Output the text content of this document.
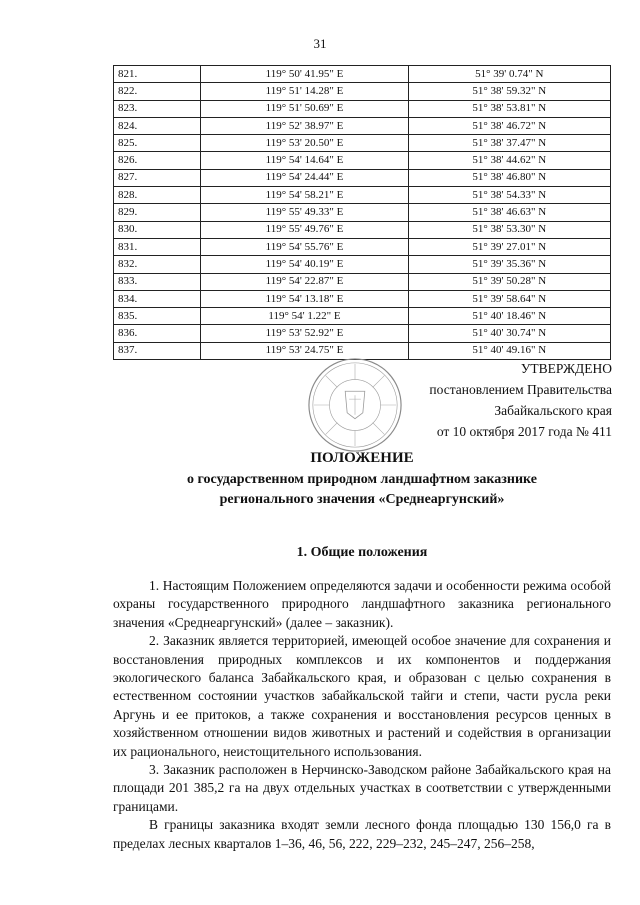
31
821.	119° 50' 41.95" E	51° 39' 0.74" N
822.	119° 51' 14.28" E	51° 38' 59.32" N
823.	119° 51' 50.69" E	51° 38' 53.81" N
824.	119° 52' 38.97" E	51° 38' 46.72" N
825.	119° 53' 20.50" E	51° 38' 37.47" N
826.	119° 54' 14.64" E	51° 38' 44.62" N
827.	119° 54' 24.44" E	51° 38' 46.80" N
828.	119° 54' 58.21" E	51° 38' 54.33" N
829.	119° 55' 49.33" E	51° 38' 46.63" N
830.	119° 55' 49.76" E	51° 38' 53.30" N
831.	119° 54' 55.76" E	51° 39' 27.01" N
832.	119° 54' 40.19" E	51° 39' 35.36" N
833.	119° 54' 22.87" E	51° 39' 50.28" N
834.	119° 54' 13.18" E	51° 39' 58.64" N
835.	119° 54' 1.22" E	51° 40' 18.46" N
836.	119° 53' 52.92" E	51° 40' 30.74" N
837.	119° 53' 24.75" E	51° 40' 49.16" N
УТВЕРЖДЕНО
постановлением Правительства
Забайкальского края
от 10 октября 2017 года № 411
ПОЛОЖЕНИЕ
о государственном природном ландшафтном заказнике
регионального значения «Среднеаргунский»
1. Общие положения

1. Настоящим Положением определяются задачи и особенности режима особой охраны государственного природного ландшафтного заказника регионального значения «Среднеаргунский» (далее – заказник).

2. Заказник является территорией, имеющей особое значение для сохранения и восстановления природных комплексов и их компонентов и поддержания экологического баланса Забайкальского края, и образован с целью сохранения в естественном состоянии участков забайкальской тайги и степи, части русла реки Аргунь и ее притоков, а также сохранения и восстановления ресурсов ценных в хозяйственном отношении видов животных и растений и содействия в организации их рационального, неистощительного использования.

3. Заказник расположен в Нерчинско-Заводском районе Забайкальского края на площади 201 385,2 га на двух отдельных участках в соответствии с утвержденными границами.

В границы заказника входят земли лесного фонда площадью 130 156,0 га в пределах лесных кварталов 1–36, 46, 56, 222, 229–232, 245–247, 256–258,
